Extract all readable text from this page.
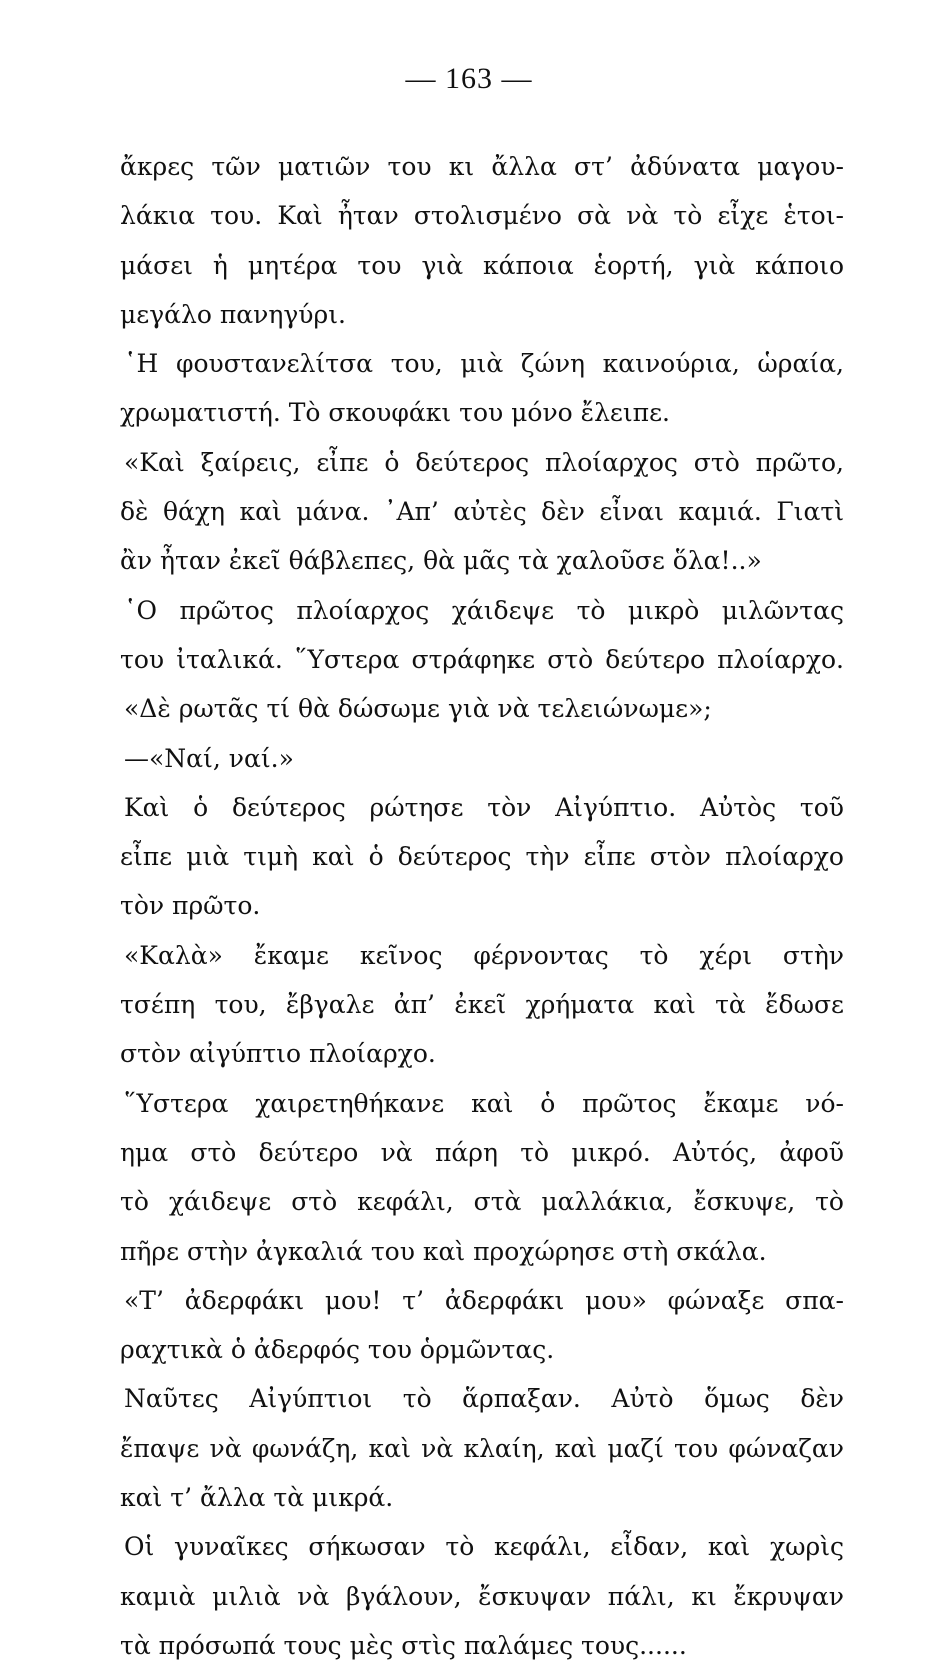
— 163 —
ἄκρες τῶν ματιῶν του κι ἄλλα στ’ ἀδύνατα μαγου-
λάκια του. Καὶ ἦταν στολισμένο σὰ νὰ τὸ εἶχε ἑτοι-
μάσει ἡ μητέρα του γιὰ κάποια ἑορτή, γιὰ κάποιο
μεγάλο πανηγύρι.
῾Η φουστανελίτσα του, μιὰ ζώνη καινούρια, ὡραία,
χρωματιστή. Τὸ σκουφάκι του μόνο ἔλειπε.
«Καὶ ξαίρεις, εἶπε ὁ δεύτερος πλοίαρχος στὸ πρῶτο,
δὲ θάχη καὶ μάνα. ᾿Απ’ αὐτὲς δὲν εἶναι καμιά. Γιατὶ
ἂν ἦταν ἐκεῖ θάβλεπες, θὰ μᾶς τὰ χαλοῦσε ὅλα!..»
῾Ο πρῶτος πλοίαρχος χάιδεψε τὸ μικρὸ μιλῶντας
του ἰταλικά. ῞Υστερα στράφηκε στὸ δεύτερο πλοίαρχο.
«Δὲ ρωτᾶς τί θὰ δώσωμε γιὰ νὰ τελειώνωμε»;
—«Ναί, ναί.»
Καὶ ὁ δεύτερος ρώτησε τὸν Αἰγύπτιο. Αὐτὸς τοῦ
εἶπε μιὰ τιμὴ καὶ ὁ δεύτερος τὴν εἶπε στὸν πλοίαρχο
τὸν πρῶτο.
«Καλὰ» ἔκαμε κεῖνος φέρνοντας τὸ χέρι στὴν
τσέπη του, ἔβγαλε ἀπ’ ἐκεῖ χρήματα καὶ τὰ ἔδωσε
στὸν αἰγύπτιο πλοίαρχο.
῞Υστερα χαιρετηθήκανε καὶ ὁ πρῶτος ἔκαμε νό-
ημα στὸ δεύτερο νὰ πάρη τὸ μικρό. Αὐτός, ἀφοῦ
τὸ χάιδεψε στὸ κεφάλι, στὰ μαλλάκια, ἔσκυψε, τὸ
πῆρε στὴν ἀγκαλιά του καὶ προχώρησε στὴ σκάλα.
«Τ’ ἀδερφάκι μου! τ’ ἀδερφάκι μου» φώναξε σπα-
ραχτικὰ ὁ ἀδερφός του ὁρμῶντας.
Ναῦτες Αἰγύπτιοι τὸ ἅρπαξαν. Αὐτὸ ὅμως δὲν
ἔπαψε νὰ φωνάζη, καὶ νὰ κλαίη, καὶ μαζί του φώναζαν
καὶ τ’ ἄλλα τὰ μικρά.
Οἱ γυναῖκες σήκωσαν τὸ κεφάλι, εἶδαν, καὶ χωρὶς
καμιὰ μιλιὰ νὰ βγάλουν, ἔσκυψαν πάλι, κι ἔκρυψαν
τὰ πρόσωπά τους μὲς στὶς παλάμες τους......
